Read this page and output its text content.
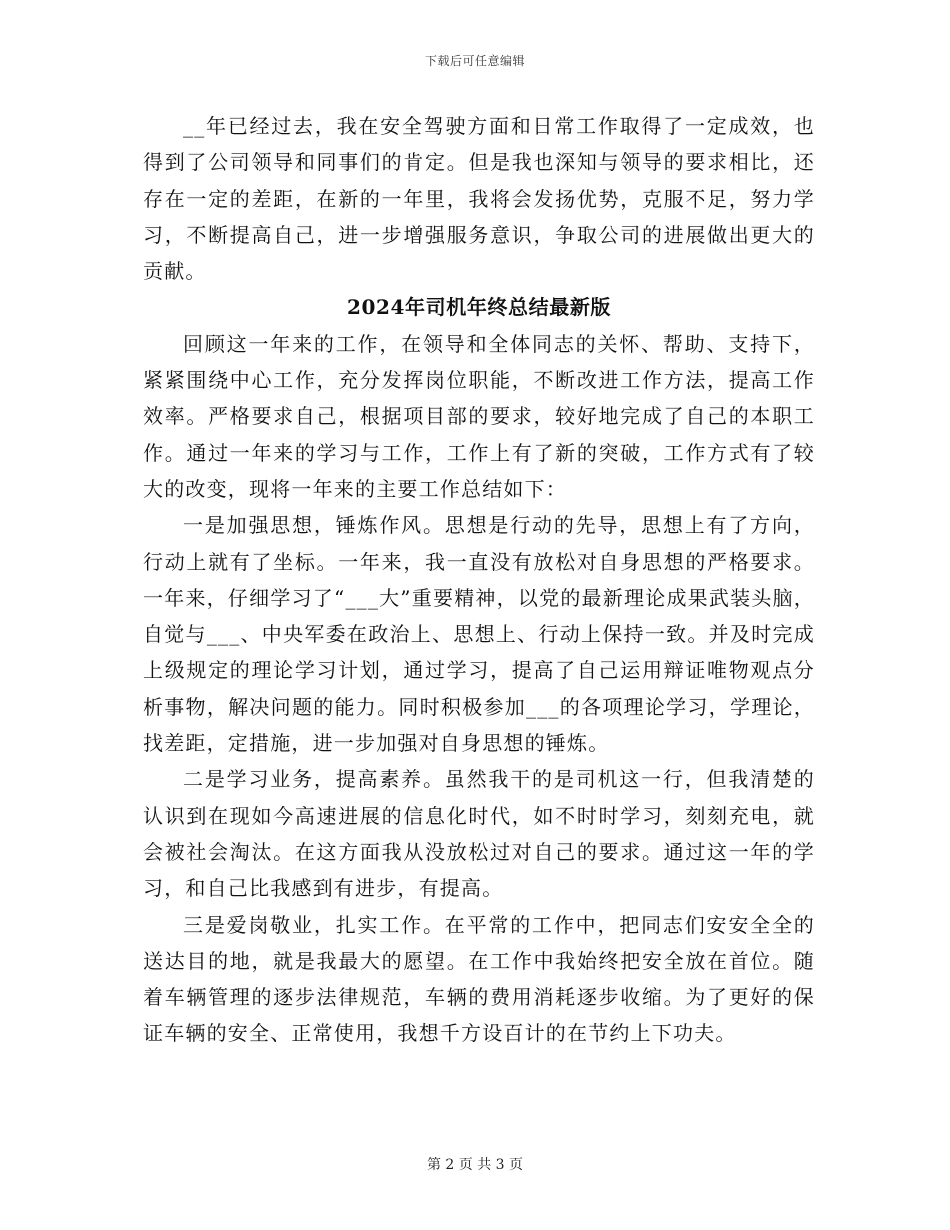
下载后可任意编辑

__年已经过去，我在安全驾驶方面和日常工作取得了一定成效，也得到了公司领导和同事们的肯定。但是我也深知与领导的要求相比，还存在一定的差距，在新的一年里，我将会发扬优势，克服不足，努力学习，不断提高自己，进一步增强服务意识，争取公司的进展做出更大的贡献。

2024年司机年终总结最新版

回顾这一年来的工作，在领导和全体同志的关怀、帮助、支持下，紧紧围绕中心工作，充分发挥岗位职能，不断改进工作方法，提高工作效率。严格要求自己，根据项目部的要求，较好地完成了自己的本职工作。通过一年来的学习与工作，工作上有了新的突破，工作方式有了较大的改变，现将一年来的主要工作总结如下：

一是加强思想，锤炼作风。思想是行动的先导，思想上有了方向，行动上就有了坐标。一年来，我一直没有放松对自身思想的严格要求。一年来，仔细学习了“___大”重要精神，以党的最新理论成果武装头脑，自觉与___、中央军委在政治上、思想上、行动上保持一致。并及时完成上级规定的理论学习计划，通过学习，提高了自己运用辩证唯物观点分析事物，解决问题的能力。同时积极参加___的各项理论学习，学理论，找差距，定措施，进一步加强对自身思想的锤炼。

二是学习业务，提高素养。虽然我干的是司机这一行，但我清楚的认识到在现如今高速进展的信息化时代，如不时时学习，刻刻充电，就会被社会淘汰。在这方面我从没放松过对自己的要求。通过这一年的学习，和自己比我感到有进步，有提高。

三是爱岗敬业，扎实工作。在平常的工作中，把同志们安安全全的送达目的地，就是我最大的愿望。在工作中我始终把安全放在首位。随着车辆管理的逐步法律规范，车辆的费用消耗逐步收缩。为了更好的保证车辆的安全、正常使用，我想千方设百计的在节约上下功夫。

第 2 页 共 3 页
